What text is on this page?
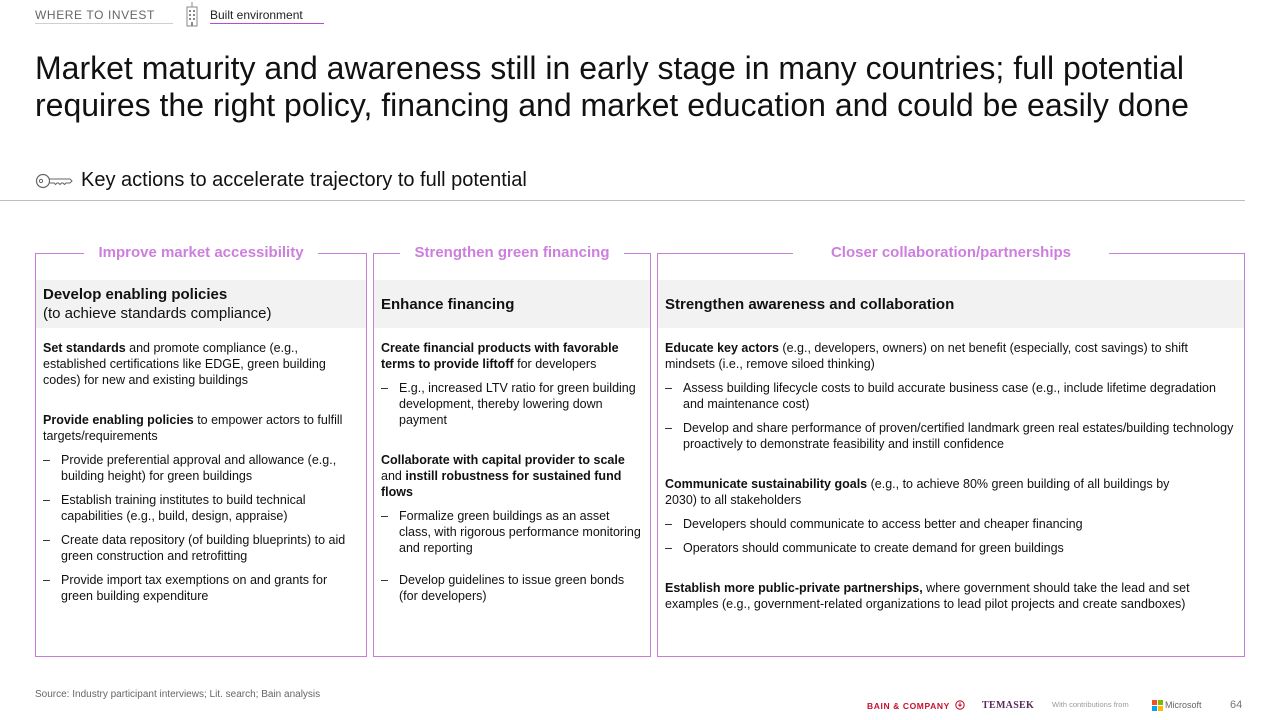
WHERE TO INVEST	Built environment
Market maturity and awareness still in early stage in many countries; full potential requires the right policy, financing and market education and could be easily done
Key actions to accelerate trajectory to full potential
Improve market accessibility
Develop enabling policies
(to achieve standards compliance)

Set standards and promote compliance (e.g., established certifications like EDGE, green building codes) for new and existing buildings

Provide enabling policies to empower actors to fulfill targets/requirements

– Provide preferential approval and allowance (e.g., building height) for green buildings
– Establish training institutes to build technical capabilities (e.g., build, design, appraise)
– Create data repository (of building blueprints) to aid green construction and retrofitting
– Provide import tax exemptions on and grants for green building expenditure
Strengthen green financing
Enhance financing

Create financial products with favorable terms to provide liftoff for developers

– E.g., increased LTV ratio for green building development, thereby lowering down payment

Collaborate with capital provider to scale and instill robustness for sustained fund flows

– Formalize green buildings as an asset class, with rigorous performance monitoring and reporting
– Develop guidelines to issue green bonds (for developers)
Closer collaboration/partnerships
Strengthen awareness and collaboration

Educate key actors (e.g., developers, owners) on net benefit (especially, cost savings) to shift mindsets (i.e., remove siloed thinking)

– Assess building lifecycle costs to build accurate business case (e.g., include lifetime degradation and maintenance cost)
– Develop and share performance of proven/certified landmark green real estates/building technology proactively to demonstrate feasibility and instill confidence

Communicate sustainability goals (e.g., to achieve 80% green building of all buildings by 2030) to all stakeholders

– Developers should communicate to access better and cheaper financing
– Operators should communicate to create demand for green buildings

Establish more public-private partnerships, where government should take the lead and set examples (e.g., government-related organizations to lead pilot projects and create sandboxes)

Source: Industry participant interviews; Lit. search; Bain analysis
BAIN & COMPANY	TEMASEK With contributions from	Microsoft	64
